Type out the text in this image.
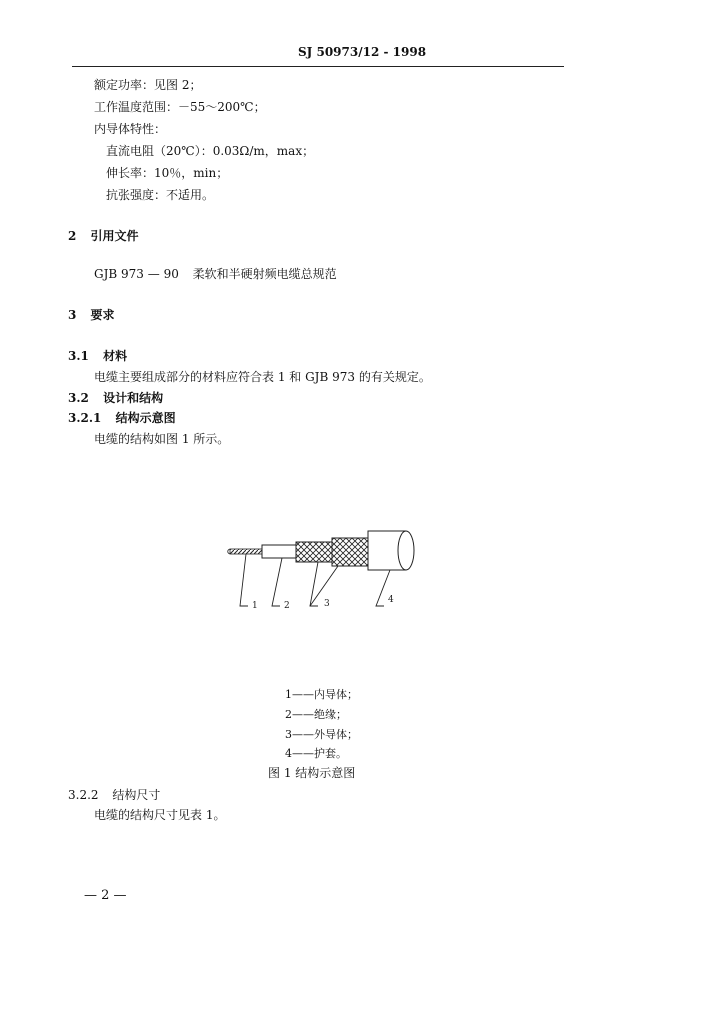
SJ 50973/12 - 1998
额定功率：见图 2；
工作温度范围：－55～200℃；
内导体特性：
直流电阻（20℃）：0.03Ω/m，max；
伸长率：10％，min；
抗张强度：不适用。
2 引用文件
GJB 973 — 90 柔软和半硬射频电缆总规范
3 要求
3.1 材料
电缆主要组成部分的材料应符合表 1 和 GJB 973 的有关规定。
3.2 设计和结构
3.2.1 结构示意图
电缆的结构如图 1 所示。
1	2	3	4
1——内导体；
2——绝缘；
3——外导体；
4——护套。
图 1 结构示意图
3.2.2 结构尺寸
电缆的结构尺寸见表 1。
— 2 —
